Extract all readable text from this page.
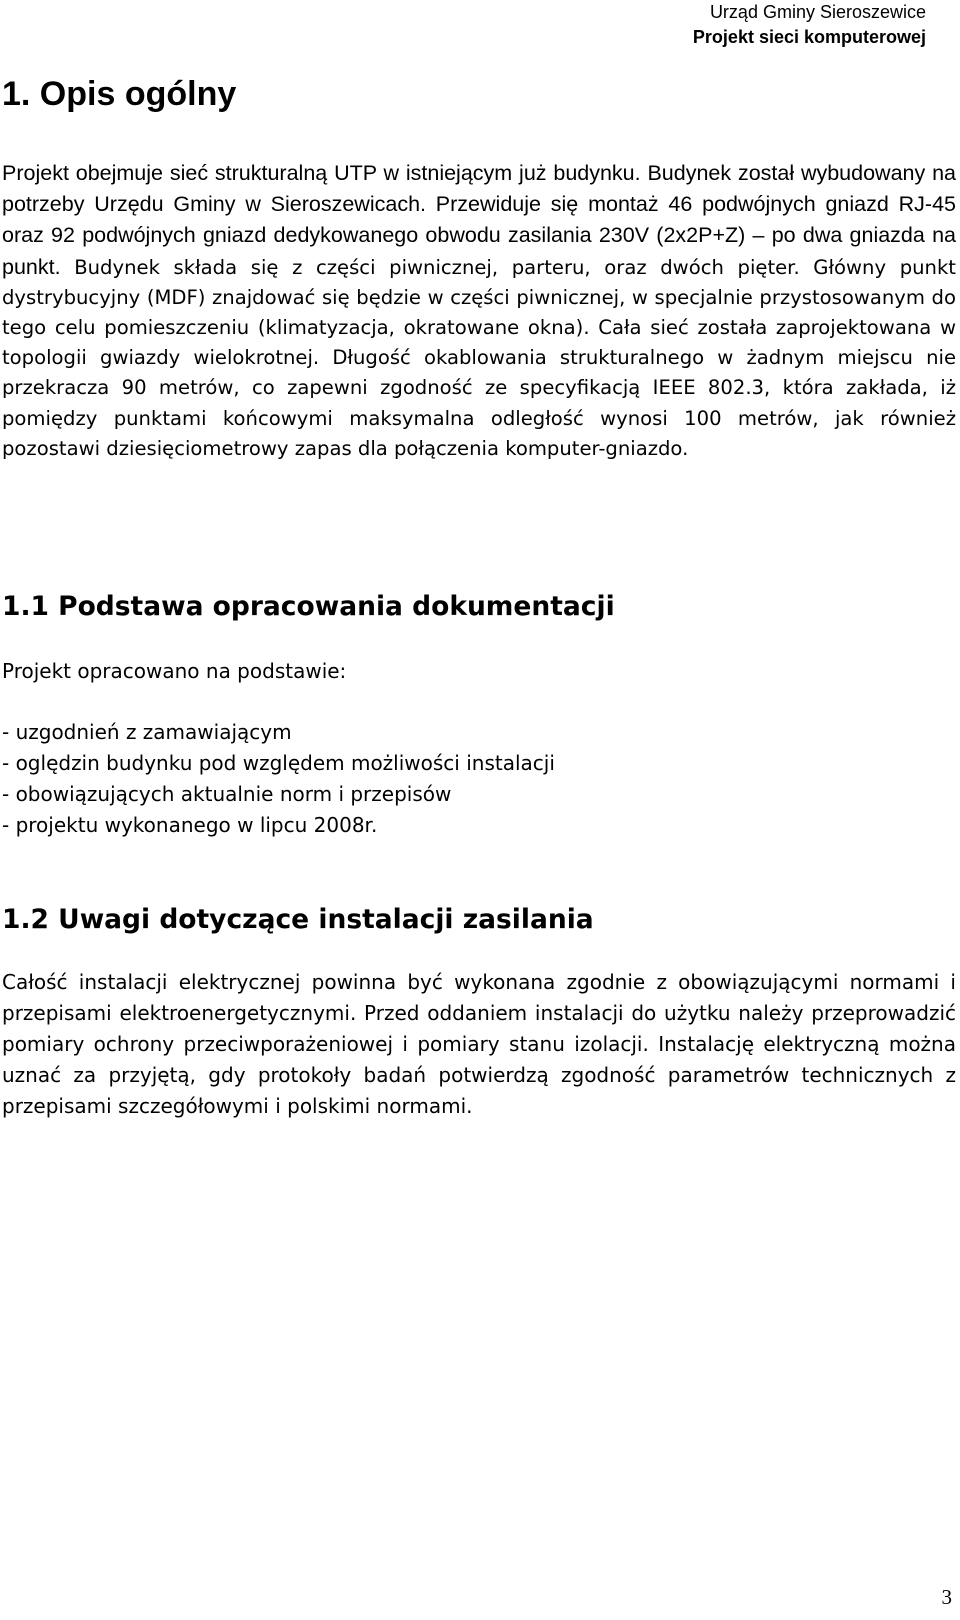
Urząd Gminy Sieroszewice
Projekt sieci komputerowej
1. Opis ogólny

Projekt obejmuje sieć strukturalną UTP w istniejącym już budynku. Budynek został wybudowany na potrzeby Urzędu Gminy w Sieroszewicach. Przewiduje się montaż 46 podwójnych gniazd RJ-45 oraz 92 podwójnych gniazd dedykowanego obwodu zasilania 230V (2x2P+Z) – po dwa gniazda na punkt. Budynek składa się z części piwnicznej, parteru, oraz dwóch pięter. Główny punkt dystrybucyjny (MDF) znajdować się będzie w części piwnicznej, w specjalnie przystosowanym do tego celu pomieszczeniu (klimatyzacja, okratowane okna). Cała sieć została zaprojektowana w topologii gwiazdy wielokrotnej. Długość okablowania strukturalnego w żadnym miejscu nie przekracza 90 metrów, co zapewni zgodność ze specyfikacją IEEE 802.3, która zakłada, iż pomiędzy punktami końcowymi maksymalna odległość wynosi 100 metrów, jak również pozostawi dziesięciometrowy zapas dla połączenia komputer-gniazdo.

1.1 Podstawa opracowania dokumentacji

Projekt opracowano na podstawie:

- uzgodnień z zamawiającym
- oględzin budynku pod względem możliwości instalacji
- obowiązujących aktualnie norm i przepisów
- projektu wykonanego w lipcu 2008r.
1.2 Uwagi dotyczące instalacji zasilania

Całość instalacji elektrycznej powinna być wykonana zgodnie z obowiązującymi normami i przepisami elektroenergetycznymi. Przed oddaniem instalacji do użytku należy przeprowadzić pomiary ochrony przeciwporażeniowej i pomiary stanu izolacji. Instalację elektryczną można uznać za przyjętą, gdy protokoły badań potwierdzą zgodność parametrów technicznych z przepisami szczegółowymi i polskimi normami.

3
